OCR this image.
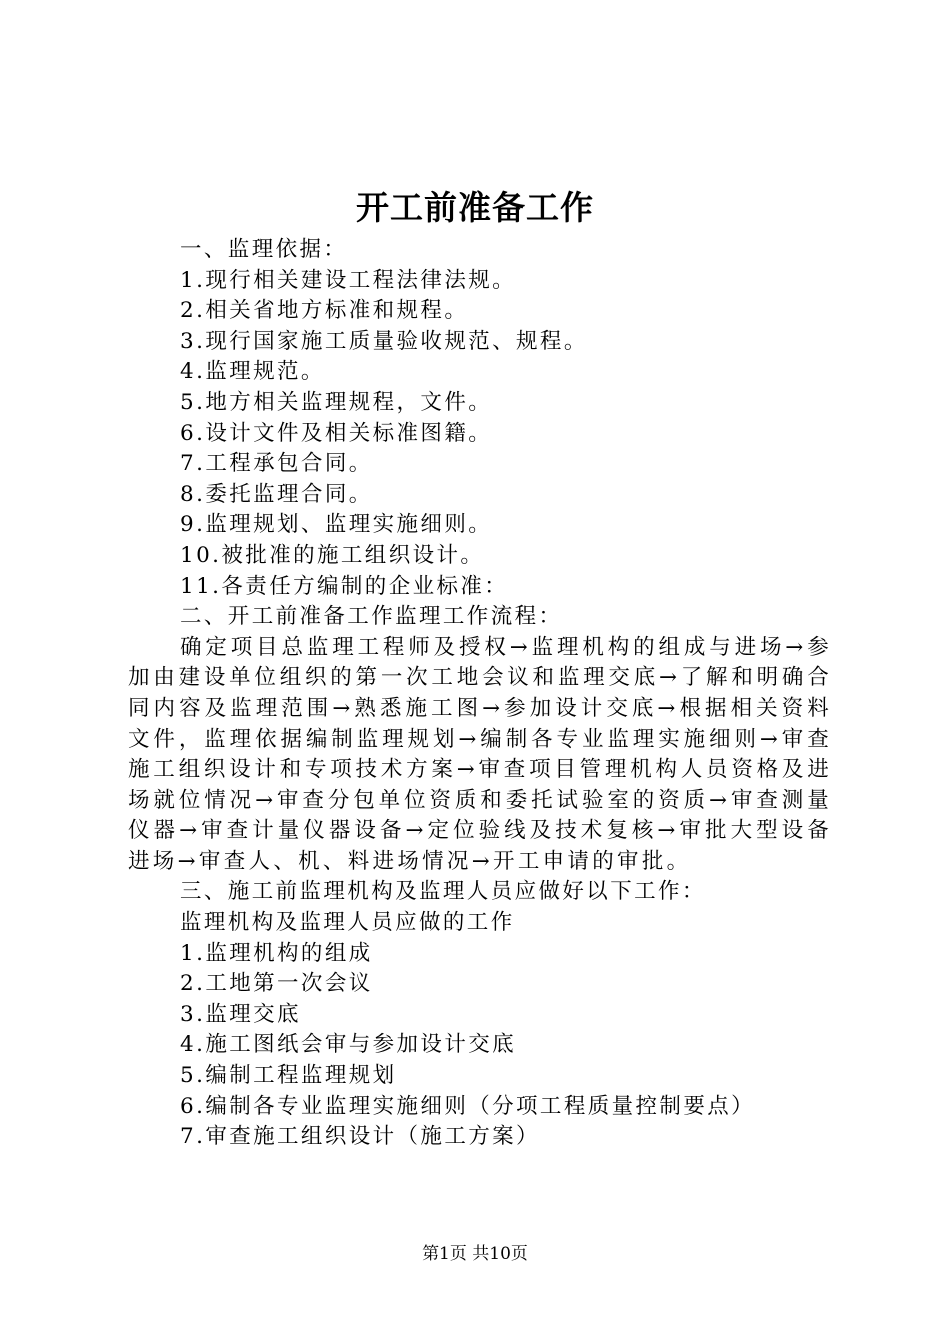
开工前准备工作

一、监理依据：

1.现行相关建设工程法律法规。

2.相关省地方标准和规程。

3.现行国家施工质量验收规范、规程。

4.监理规范。

5.地方相关监理规程，文件。

6.设计文件及相关标准图籍。

7.工程承包合同。

8.委托监理合同。

9.监理规划、监理实施细则。

10.被批准的施工组织设计。

11.各责任方编制的企业标准：

二、开工前准备工作监理工作流程：

确定项目总监理工程师及授权→监理机构的组成与进场→参加由建设单位组织的第一次工地会议和监理交底→了解和明确合同内容及监理范围→熟悉施工图→参加设计交底→根据相关资料文件，监理依据编制监理规划→编制各专业监理实施细则→审查施工组织设计和专项技术方案→审查项目管理机构人员资格及进场就位情况→审查分包单位资质和委托试验室的资质→审查测量仪器→审查计量仪器设备→定位验线及技术复核→审批大型设备进场→审查人、机、料进场情况→开工申请的审批。

三、施工前监理机构及监理人员应做好以下工作：

监理机构及监理人员应做的工作

1.监理机构的组成

2.工地第一次会议

3.监理交底

4.施工图纸会审与参加设计交底

5.编制工程监理规划

6.编制各专业监理实施细则（分项工程质量控制要点）

7.审查施工组织设计（施工方案）

第1页 共10页
